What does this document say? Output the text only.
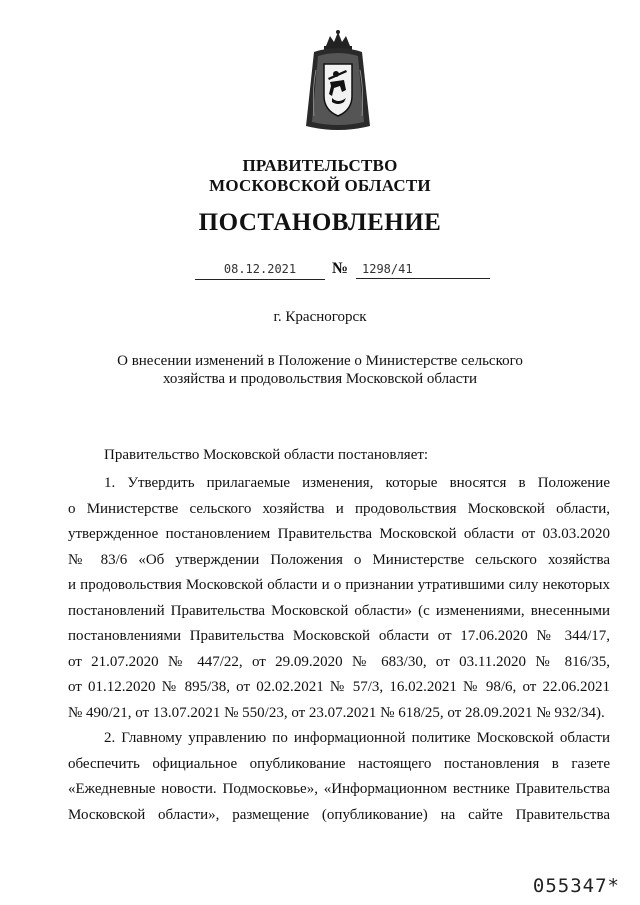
ПРАВИТЕЛЬСТВО
МОСКОВСКОЙ ОБЛАСТИ
ПОСТАНОВЛЕНИЕ
08.12.2021	№	1298/41
г. Красногорск
О внесении изменений в Положение о Министерстве сельского
хозяйства и продовольствия Московской области

Правительство Московской области постановляет:

1. Утвердить прилагаемые изменения, которые вносятся в Положение
о Министерстве сельского хозяйства и продовольствия Московской области,
утвержденное постановлением Правительства Московской области от 03.03.2020
№ 83/6 «Об утверждении Положения о Министерстве сельского хозяйства
и продовольствия Московской области и о признании утратившими силу некоторых
постановлений Правительства Московской области» (с изменениями, внесенными
постановлениями Правительства Московской области от 17.06.2020 № 344/17,
от 21.07.2020 № 447/22, от 29.09.2020 № 683/30, от 03.11.2020 № 816/35,
от 01.12.2020 № 895/38, от 02.02.2021 № 57/3, 16.02.2021 № 98/6, от 22.06.2021
№ 490/21, от 13.07.2021 № 550/23, от 23.07.2021 № 618/25, от 28.09.2021 № 932/34).
2. Главному управлению по информационной политике Московской области
обеспечить официальное опубликование настоящего постановления в газете
«Ежедневные новости. Подмосковье», «Информационном вестнике Правительства
Московской области», размещение (опубликование) на сайте Правительства
055347*
